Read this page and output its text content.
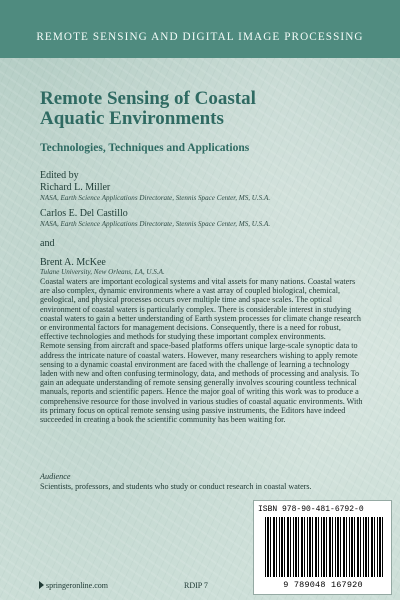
REMOTE SENSING AND DIGITAL IMAGE PROCESSING
Remote Sensing of Coastal
Aquatic Environments
Technologies, Techniques and Applications
Edited by
Richard L. Miller
NASA, Earth Science Applications Directorate, Stennis Space Center, MS, U.S.A.
Carlos E. Del Castillo
NASA, Earth Science Applications Directorate, Stennis Space Center, MS, U.S.A.
and
Brent A. McKee
Tulane University, New Orleans, LA, U.S.A.

Coastal waters are important ecological systems and vital assets for many nations. Coastal waters are also complex, dynamic environments where a vast array of coupled biological, chemical, geological, and physical processes occurs over multiple time and space scales. The optical environment of coastal waters is particularly complex. There is considerable interest in studying coastal waters to gain a better understanding of Earth system processes for climate change research or environmental factors for management decisions. Consequently, there is a need for robust, effective technologies and methods for studying these important complex environments.

Remote sensing from aircraft and space-based platforms offers unique large-scale synoptic data to address the intricate nature of coastal waters. However, many researchers wishing to apply remote sensing to a dynamic coastal environment are faced with the challenge of learning a technology laden with new and often confusing terminology, data, and methods of processing and analysis. To gain an adequate understanding of remote sensing generally involves scouring countless technical manuals, reports and scientific papers. Hence the major goal of writing this work was to produce a comprehensive resource for those involved in various studies of coastal aquatic environments. With its primary focus on optical remote sensing using passive instruments, the Editors have indeed succeeded in creating a book the scientific community has been waiting for.

Audience
Scientists, professors, and students who study or conduct research in coastal waters.
ISBN 978-90-481-6792-0
9 789048 167920
springeronline.com	RDIP 7
